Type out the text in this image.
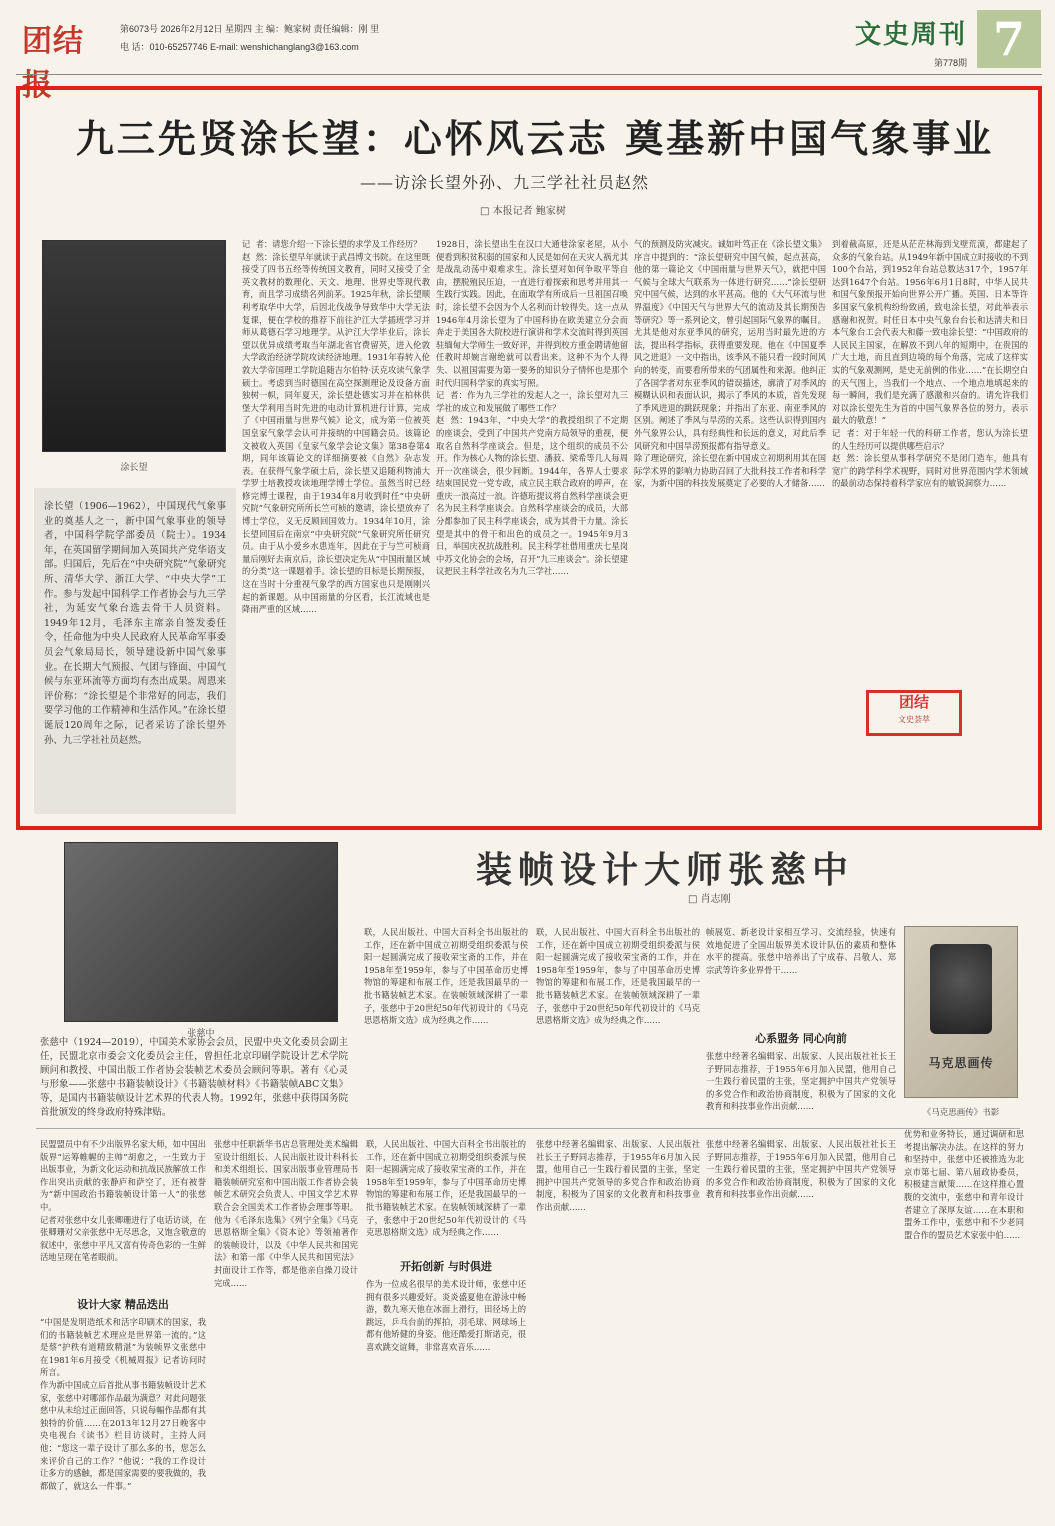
团结报
第6073号 2026年2月12日 星期四 主 编：鲍家树 责任编辑：刚 里
电 话：010-65257746 E-mail: wenshichanglang3@163.com	文史周刊
第778期 7
九三先贤涂长望：心怀风云志 奠基新中国气象事业
——访涂长望外孙、九三学社社员赵然
□ 本报记者 鲍家树
涂长望
涂长望（1906—1962），中国现代气象事业的奠基人之一，新中国气象事业的领导者，中国科学院学部委员（院士）。1934年，在英国留学期间加入英国共产党华语支部。归国后，先后在“中央研究院”气象研究所、清华大学、浙江大学、“中央大学”工作。参与发起中国科学工作者协会与九三学社，为延安气象台选去骨干人员资料。1949年12月，毛泽东主席亲自签发委任令，任命他为中央人民政府人民革命军事委员会气象局局长，领导建设新中国气象事业。在长期大气预报、气团与锋面、中国气候与东亚环流等方面均有杰出成果。周恩来评价称：“涂长望是个非常好的同志，我们要学习他的工作精神和生活作风。”在涂长望诞辰120周年之际，记者采访了涂长望外孙、九三学社社员赵然。
记  者：请您介绍一下涂长望的求学及工作经历？
赵  然：涂长望早年就读于武昌博文书院。在这里既接受了四书五经等传统国文教育，同时又接受了全英文教材的数理化、天文、地理、世界史等现代教育，而且学习成绩名列前茅。1925年秋，涂长望顺利考取华中大学，后因北伐战争导致华中大学无法复课，便在学校的推荐下前往沪江大学插班学习并师从葛德石学习地理学。从沪江大学毕业后，涂长望以优异成绩考取当年湖北省官费留英，进入伦敦大学政治经济学院攻读经济地理。1931年春转入伦敦大学帝国理工学院追随吉尔伯特·沃克攻读气象学硕士。考虑到当时德国在高空探测理论及设备方面独树一帜，同年夏天，涂长望赴德实习并在柏林供堡大学利用当时先进的电动计算机进行计算，完成了《中国雨量与世界气候》论文，成为第一位被英国皇家气象学会认可并接纳的中国籍会员。该篇论文被收入英国《皇家气象学会论文集》第38卷第4期，同年该篇论文的详细摘要被《自然》杂志发表。在获得气象学硕士后，涂长望又追随利物浦大学罗士培教授攻读地理学博士学位。虽然当时已经修完博士课程，由于1934年8月收到时任“中央研究院”气象研究所所长竺可桢的邀请，涂长望放弃了博士学位，义无反顾回国效力。1934年10月，涂长望回国后在南京“中央研究院”气象研究所任研究员。由于从小爱乡水患连年，因此在于与竺可桢商量后刚好去南京后，涂长望决定先从“中国雨量区域的分类”这一课题着手。涂长望的目标是长期预报，这在当时十分重视气象学的西方国家也只是刚刚兴起的新课题。从中国雨量的分区看，长江流域也是降雨严重的区域……
1928日，涂长望出生在汉口大通巷涂家老屋，从小便看到积贫积弱的国家和人民是如何在天灾人祸尤其是战乱动荡中艰难求生。涂长望对如何争取平等自由，摆脱殖民压迫，一直进行着探索和思考并用其一生践行实践。因此，在面取学有所成后一旦祖国召唤时，涂长望不会因为个人名利而计较得失。这一点从1946年4月涂长望为了中国科协在欧美建立分会而奔走于美国各大院校进行演讲和学术交流时得到英国驻缅甸大学师生一致好评，并得到校方重金聘请他留任教时却婉言谢绝就可以看出来。这种不为个人得失、以祖国需要为第一要务的知识分子情怀也是那个时代归国科学家的真实写照。
记  者：作为九三学社的发起人之一，涂长望对九三学社的成立和发展做了哪些工作？
赵  然：1943年，“中央大学”的教授组织了不定期的座谈会，受到了中国共产党南方局领导的重视，便取名自然科学座谈会。但是，这个组织的成员不公开。作为核心人物的涂长望、潘菽、梁希等几人每周开一次座谈会，很少间断。1944年，各界人士要求结束国民党一党专政，成立民主联合政府的呼声，在重庆一浪高过一浪。许德珩提议将自然科学座谈会更名为民主科学座谈会。自然科学座谈会的成员，大部分都参加了民主科学座谈会，成为其骨干力量。涂长望是其中的骨干和出色的成员之一。1945年9月3日，举国庆祝抗战胜利。民主科学社借用重庆七星岗中苏文化协会的会场，召开“九三座谈会”。涂长望建议把民主科学社改名为九三学社……
气的预测及防灾减灾。诚如叶笃正在《涂长望文集》序言中提到的：“涂长望研究中国气候，起点甚高，他的第一篇论文《中国雨量与世界天气》，就把中国气候与全球大气联系为一体进行研究……”涂长望研究中国气候，达到的水平甚高。他的《大气环流与世界温度》《中国天气与世界大气的流动及其长期预告等研究》等一系列论文，曾引起国际气象界的瞩目。尤其是他对东亚季风的研究，运用当时最先进的方法，提出科学指标，获得重要发现。他在《中国夏季风之进退》一文中指出，该季风不能只看一段时间风向的转变，而要看所带来的气团属性和来源。他纠正了各国学者对东亚季风的错误描述，廓清了对季风的模糊认识和表面认识，揭示了季风的本质，首先发现了季风进退的跳跃现象；并指出了东亚、南亚季风的区别。阐述了季风与旱涝的关系。这些认识得到国内外气象界公认，具有经典性和长远的意义，对此后季风研究和中国旱涝预报都有指导意义。
除了理论研究，涂长望在新中国成立初期利用其在国际学术界的影响力协助召回了大批科技工作者和科学家，为新中国的科技发展奠定了必要的人才储备……
到着截高原，还是从茫茫林海到戈壁荒漠，都建起了众多的气象台站。从1949年新中国成立时接收的不到100个台站，到1952年台站总数达317个，1957年达到1647个台站。1956年6月1日8时，中华人民共和国气象预报开始向世界公开广播。英国、日本等许多国家气象机构纷纷致函，致电涂长望，对此举表示感谢和祝贺。时任日本中央气象台台长和达清夫和日本气象台工会代表大和藤一致电涂长望：“中国政府的人民民主国家，在解放不到八年的短期中，在贵国的广大土地，而且直到边境的每个角落，完成了这样实实的气象观测网，是史无前例的伟业……”在长期空白的天气图上，当我们一个地点、一个地点地填起来的每一瞬间，我们是充满了感激和兴奋的。请允许我们对以涂长望先生为首的中国气象界各位的努力，表示最大的敬意！”
记  者：对于年轻一代的科研工作者，您认为涂长望的人生经历可以提供哪些启示？
赵  然：涂长望从事科学研究不是闭门造车，他具有宽广的跨学科学术视野，同时对世界范围内学术领域的最前动态保持着科学家应有的敏锐洞察力……
团结
文史荟萃
张慈中
装帧设计大师张慈中
□ 肖志刚
联，人民出版社、中国大百科全书出版社的工作，还在新中国成立初期受组织委派与侯阳一起圆满完成了接收荣宝斋的工作，并在1958年至1959年，参与了中国革命历史博物馆的筹建和布展工作，还是我国最早的一批书籍装帧艺术家。在装帧领域深耕了一辈子，张慈中于20世纪50年代初设计的《马克思恩格斯文选》成为经典之作……
联，人民出版社、中国大百科全书出版社的工作，还在新中国成立初期受组织委派与侯阳一起圆满完成了接收荣宝斋的工作，并在1958年至1959年，参与了中国革命历史博物馆的筹建和布展工作，还是我国最早的一批书籍装帧艺术家。在装帧领域深耕了一辈子，张慈中于20世纪50年代初设计的《马克思恩格斯文选》成为经典之作……
帧展览、新老设计家相互学习、交流经验，快速有效地促进了全国出版界美术设计队伍的素质和整体水平的提高。张慈中培养出了宁成春、吕敬人、郑宗武等许多业界骨干……
心系盟务 同心向前
张慈中经著名编辑家、出版家、人民出版社社长王子野同志推荐，于1955年6月加入民盟，他用自己一生践行着民盟的主张，坚定拥护中国共产党领导的多党合作和政治协商制度，积极为了国家的文化教育和科技事业作出贡献……
马克思画传
《马克思画传》书影
张慈中（1924—2019），中国美术家协会会员，民盟中央文化委员会副主任，民盟北京市委会文化委员会主任，曾担任北京印刷学院设计艺术学院顾问和教授、中国出版工作者协会装帧艺术委员会顾问等职。著有《心灵与形象——张慈中书籍装帧设计》《书籍装帧材料》《书籍装帧ABC文集》等，是国内书籍装帧设计艺术界的代表人物。1992年，张慈中获得国务院首批颁发的终身政府特殊津贴。
民盟盟员中有不少出版界名家大师，如中国出版界“运筹帷幄的主帅”胡愈之，一生致力于出版事业，为新文化运动和抗战民族解放工作作出突出贡献的张静庐和萨空了，还有被誉为“新中国政治书籍装帧设计第一人”的张慈中。
记者对张慈中女儿张卿珊进行了电话访谈，在张卿珊对父亲张慈中无尽思念，又饱含敬意的叙述中，张慈中平凡又富有传奇色彩的一生鲜活地呈现在笔者眼前。
设计大家 精品迭出
“中国是发明造纸术和活字印刷术的国家，我们的书籍装帧艺术理应是世界第一流的。”这是蔡“护秩有道精致精湛”为装帧界文张慈中在1981年6月接受《机械周报》记者访问时所言。
作为新中国成立后首批从事书籍装帧设计艺术家，张慈中对哪部作品最为满意？对此问题张慈中从未给过正面回答，只说每幅作品都有其独特的价值……在2013年12月27日晚客中央电视台《读书》栏目访谈时，主持人问他：“您这一辈子设计了那么多的书，您怎么来评价自己的工作？”他说：“我的工作设计让多方的感触，都是国家需要的要我做的，我都做了，就这么一件事。”
张慈中任职新华书店总管理处美术编辑室设计组组长、人民出版社设计科科长和美术组组长、国家出版事业管理局书籍装帧研究室和中国出版工作者协会装帧艺术研究会负责人、中国文学艺术界联合会全国美术工作者协会理事等职。他为《毛泽东选集》《列宁全集》《马克思恩格斯全集》《资本论》等领袖著作的装帧设计，以及《中华人民共和国宪法》和第一部《中华人民共和国宪法》封面设计工作等，都是他亲自操刀设计完成……
联，人民出版社、中国大百科全书出版社的工作，还在新中国成立初期受组织委派与侯阳一起圆满完成了接收荣宝斋的工作，并在1958年至1959年，参与了中国革命历史博物馆的筹建和布展工作，还是我国最早的一批书籍装帧艺术家。在装帧领域深耕了一辈子，张慈中于20世纪50年代初设计的《马克思恩格斯文选》成为经典之作……
开拓创新 与时俱进
作为一位成名很早的美术设计师，张慈中还拥有很多兴趣爱好。炎炎盛夏他在游泳中畅游，数九寒天他在冰面上滑行，田径场上的跳远，乒乓台前的挥拍，羽毛球、网球场上都有他矫健的身姿。他还酷爱打斯诺克，很喜欢跳交谊舞，非常喜欢音乐……
张慈中经著名编辑家、出版家、人民出版社社长王子野同志推荐，于1955年6月加入民盟，他用自己一生践行着民盟的主张，坚定拥护中国共产党领导的多党合作和政治协商制度，积极为了国家的文化教育和科技事业作出贡献……
张慈中经著名编辑家、出版家、人民出版社社长王子野同志推荐，于1955年6月加入民盟，他用自己一生践行着民盟的主张，坚定拥护中国共产党领导的多党合作和政治协商制度，积极为了国家的文化教育和科技事业作出贡献……
优势和业务特长，通过调研和思考提出解决办法。在这样的努力和坚持中，张慈中还被推选为北京市第七届、第八届政协委员，积极建言献策……在这样推心置腹的交流中，张慈中和青年设计者建立了深厚友谊……在本职和盟务工作中，张慈中和不少老同盟合作的盟员艺术家张中伯……
